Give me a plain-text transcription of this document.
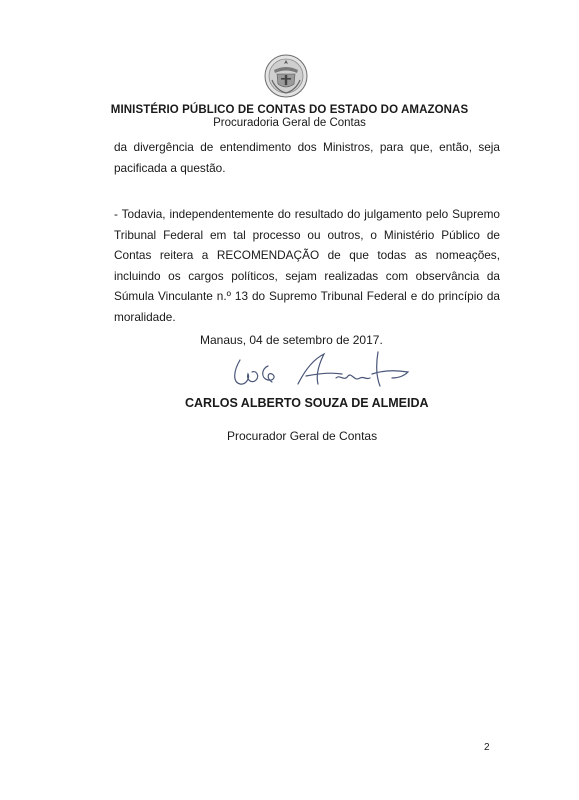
MINISTÉRIO PÚBLICO DE CONTAS DO ESTADO DO AMAZONAS
Procuradoria Geral de Contas
da divergência de entendimento dos Ministros, para que, então, seja pacificada a questão.
- Todavia, independentemente do resultado do julgamento pelo Supremo Tribunal Federal em tal processo ou outros, o Ministério Público de Contas reitera a RECOMENDAÇÃO de que todas as nomeações, incluindo os cargos políticos, sejam realizadas com observância da Súmula Vinculante n.º 13 do Supremo Tribunal Federal e do princípio da moralidade.
Manaus, 04 de setembro de 2017.
CARLOS ALBERTO SOUZA DE ALMEIDA
Procurador Geral de Contas
2
